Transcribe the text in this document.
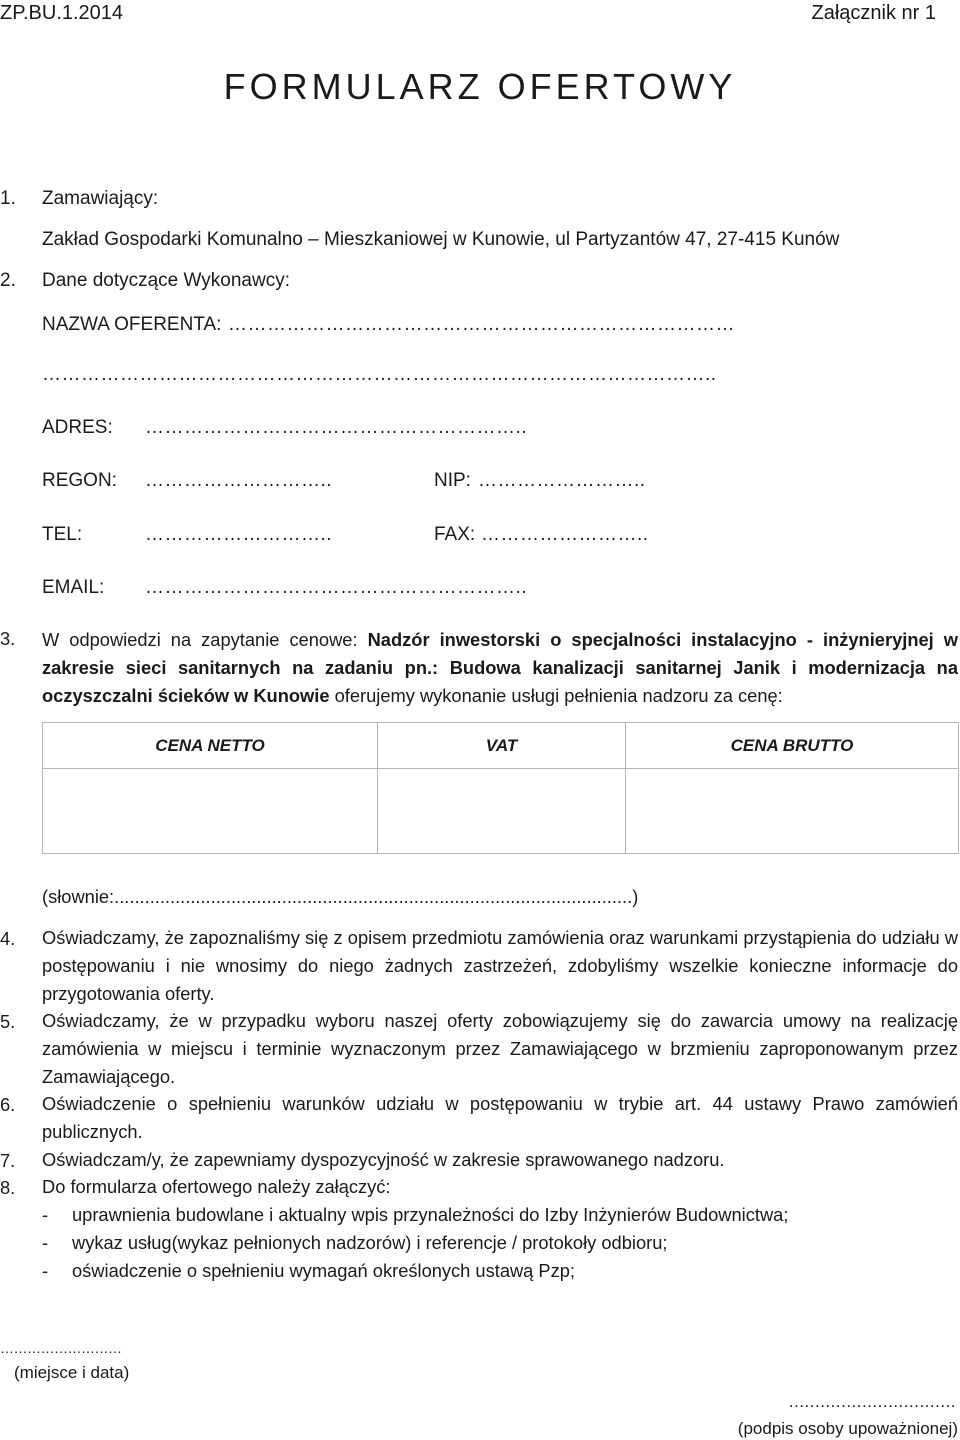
ZP.BU.1.2014	Załącznik nr 1
FORMULARZ OFERTOWY
1. Zamawiający:
Zakład Gospodarki Komunalno – Mieszkaniowej w Kunowie, ul Partyzantów 47, 27-415 Kunów
2. Dane dotyczące Wykonawcy:
NAZWA OFERENTA: ……………………………………………………………………
…………………………………………………………………………………………..
ADRES: …………………………………………………..
REGON: ………………………..	NIP: ……………………..
TEL:	………………………..	FAX: ……………………..
EMAIL: …………………………………………………..
3. W odpowiedzi na zapytanie cenowe: Nadzór inwestorski o specjalności instalacyjno - inżynieryjnej w zakresie sieci sanitarnych na zadaniu pn.: Budowa kanalizacji sanitarnej Janik i modernizacja na oczyszczalni ścieków w Kunowie oferujemy wykonanie usługi pełnienia nadzoru za cenę:
CENA NETTO	VAT	CENA BRUTTO

(słownie:......................................................................................................)
4. Oświadczamy, że zapoznaliśmy się z opisem przedmiotu zamówienia oraz warunkami przystąpienia do udziału w postępowaniu i nie wnosimy do niego żadnych zastrzeżeń, zdobyliśmy wszelkie konieczne informacje do przygotowania oferty.
5. Oświadczamy, że w przypadku wyboru naszej oferty zobowiązujemy się do zawarcia umowy na realizację zamówienia w miejscu i terminie wyznaczonym przez Zamawiającego w brzmieniu zaproponowanym przez Zamawiającego.
6. Oświadczenie o spełnieniu warunków udziału w postępowaniu w trybie art. 44 ustawy Prawo zamówień publicznych.
7. Oświadczam/y, że zapewniamy dyspozycyjność w zakresie sprawowanego nadzoru.
8. Do formularza ofertowego należy załączyć:
- uprawnienia budowlane i aktualny wpis przynależności do Izby Inżynierów Budownictwa;
- wykaz usług(wykaz pełnionych nadzorów) i referencje / protokoły odbioru;
- oświadczenie o spełnieniu wymagań określonych ustawą Pzp;
………………………
(miejsce i data)
................................
(podpis osoby upoważnionej)
